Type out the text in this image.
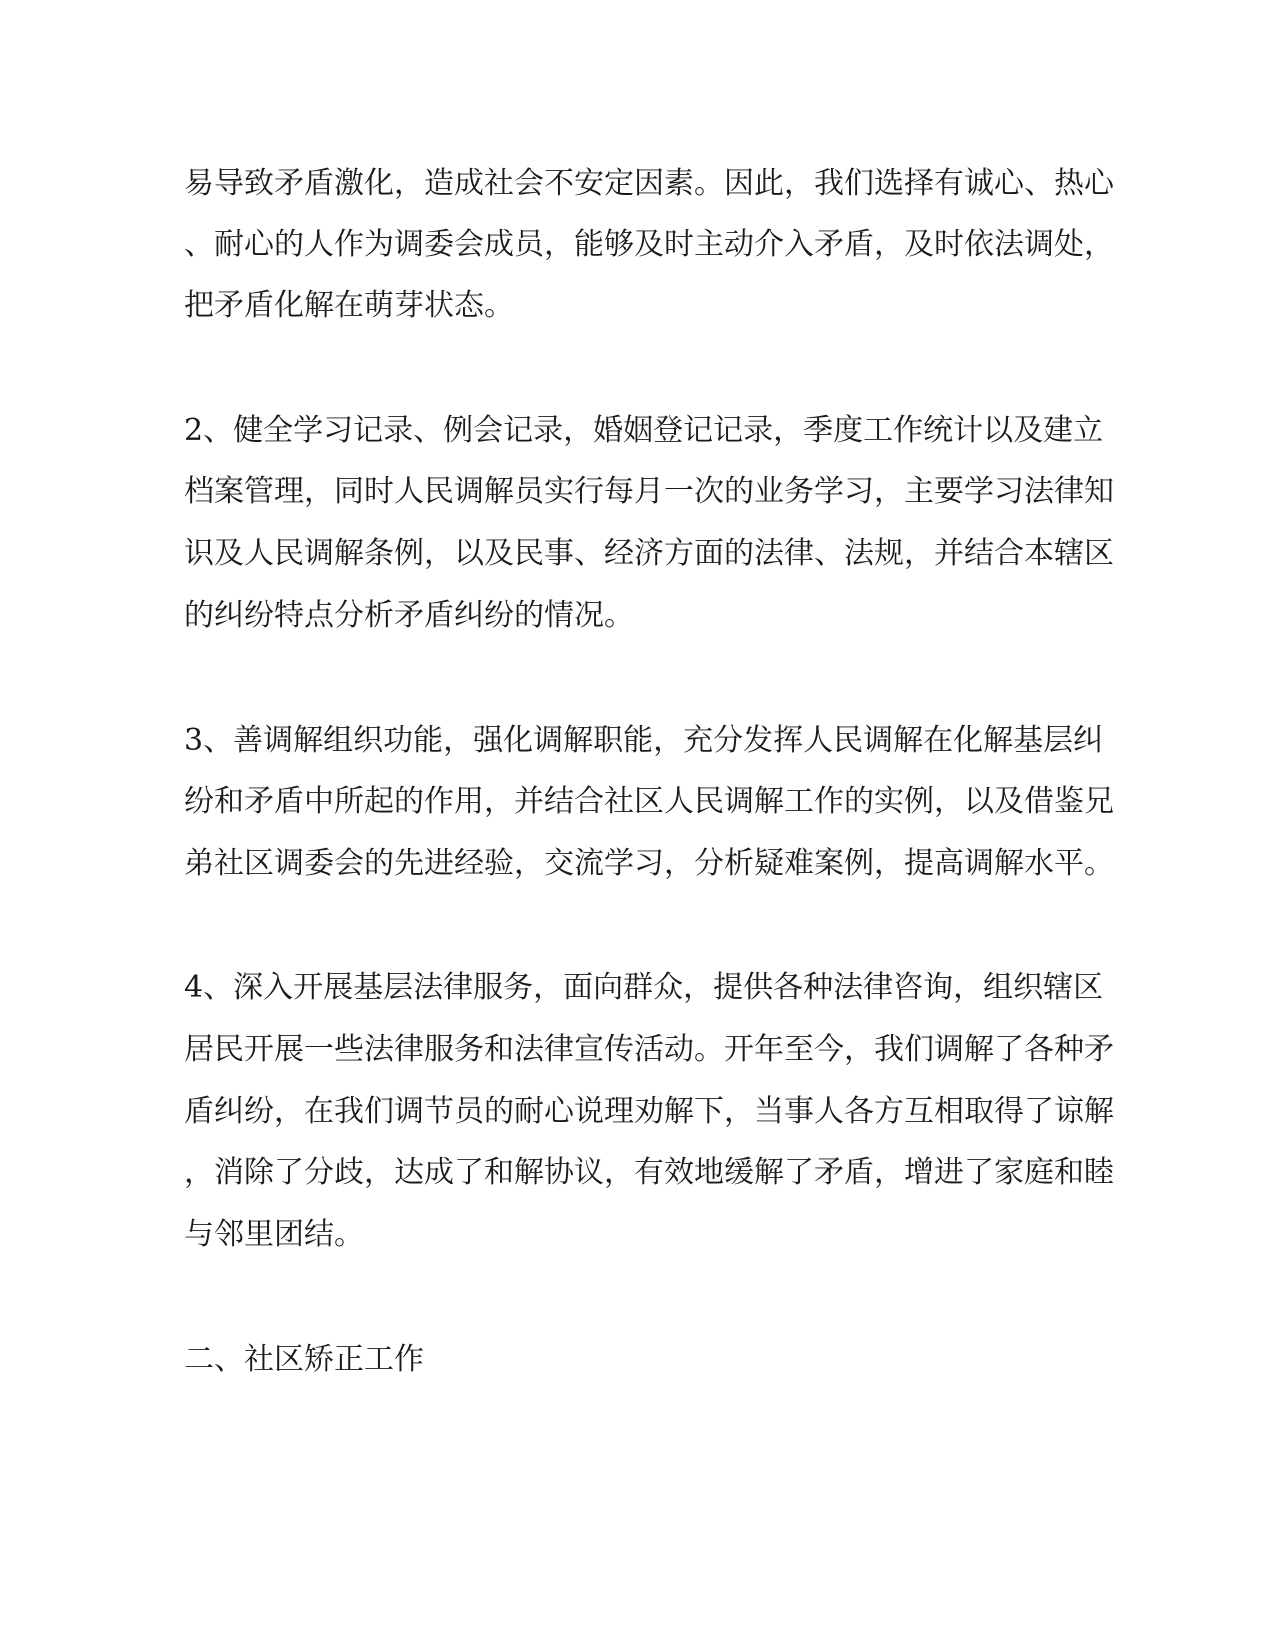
易导致矛盾激化，造成社会不安定因素。因此，我们选择有诚心、热心
、耐心的人作为调委会成员，能够及时主动介入矛盾，及时依法调处，
把矛盾化解在萌芽状态。
2、健全学习记录、例会记录，婚姻登记记录，季度工作统计以及建立
档案管理，同时人民调解员实行每月一次的业务学习，主要学习法律知
识及人民调解条例，以及民事、经济方面的法律、法规，并结合本辖区
的纠纷特点分析矛盾纠纷的情况。
3、善调解组织功能，强化调解职能，充分发挥人民调解在化解基层纠
纷和矛盾中所起的作用，并结合社区人民调解工作的实例，以及借鉴兄
弟社区调委会的先进经验，交流学习，分析疑难案例，提高调解水平。
4、深入开展基层法律服务，面向群众，提供各种法律咨询，组织辖区
居民开展一些法律服务和法律宣传活动。开年至今，我们调解了各种矛
盾纠纷，在我们调节员的耐心说理劝解下，当事人各方互相取得了谅解
，消除了分歧，达成了和解协议，有效地缓解了矛盾，增进了家庭和睦
与邻里团结。
二、社区矫正工作
